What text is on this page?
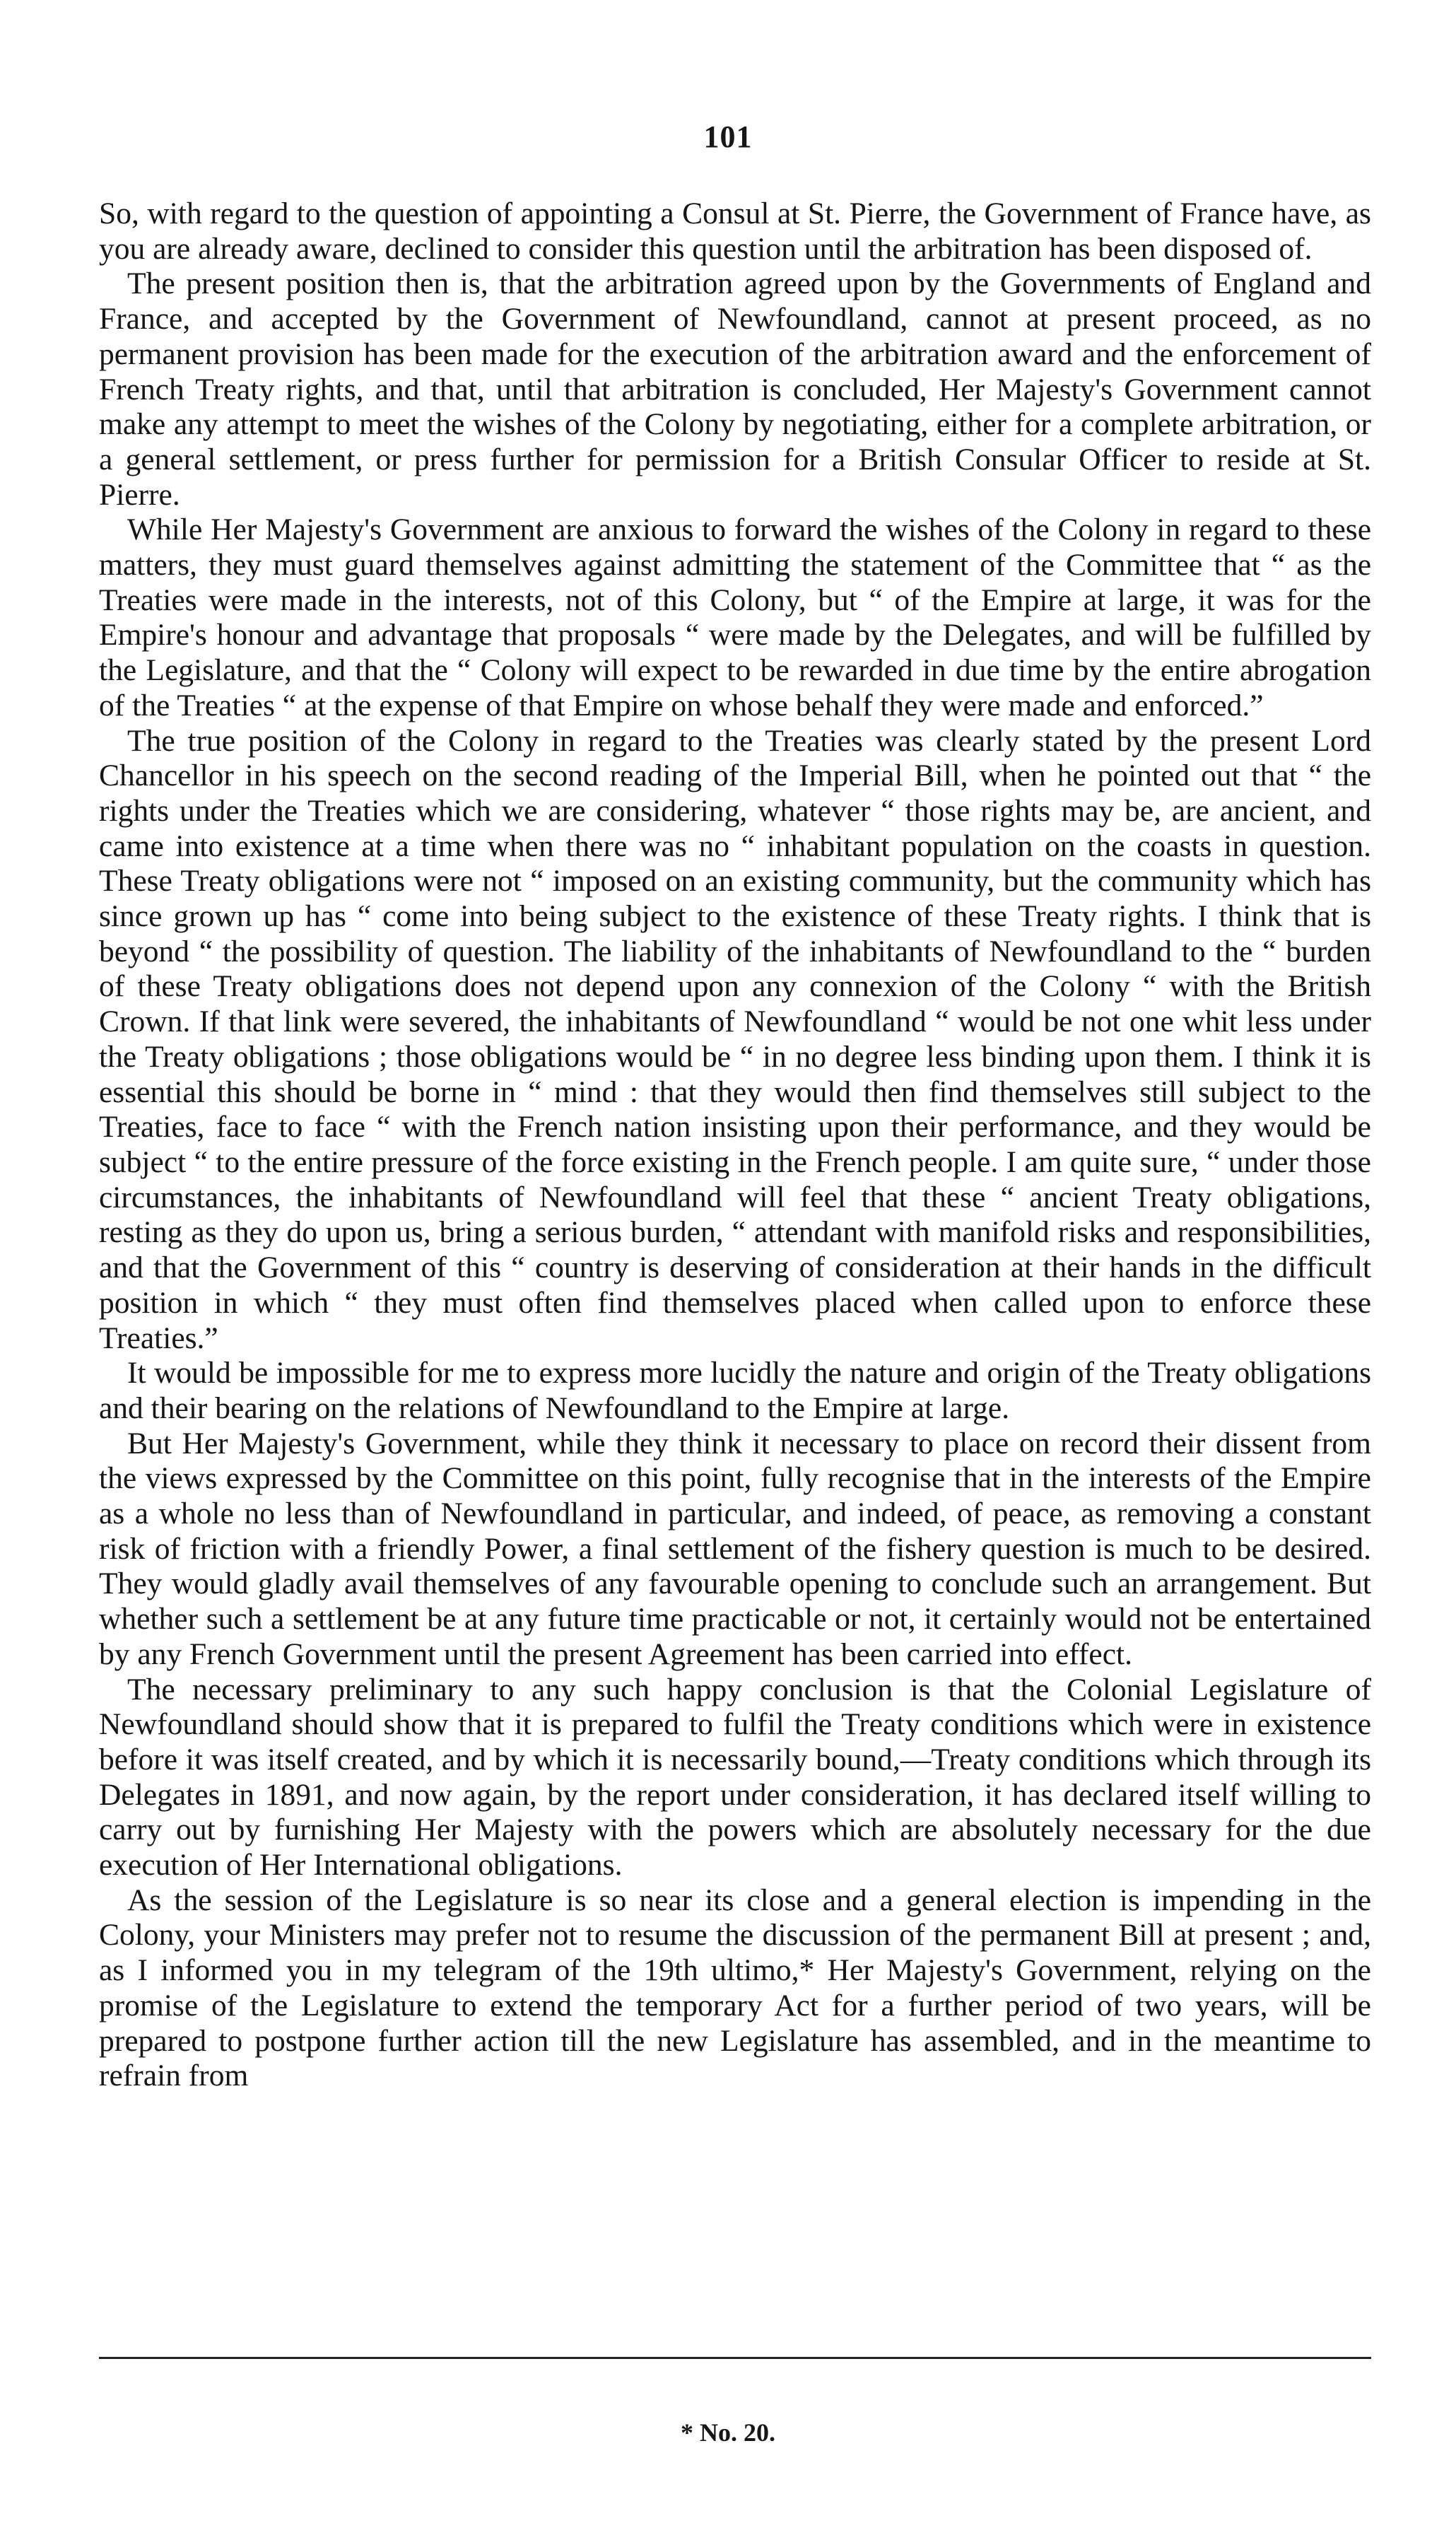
101

So, with regard to the question of appointing a Consul at St. Pierre, the Government of France have, as you are already aware, declined to consider this question until the arbitration has been disposed of.

The present position then is, that the arbitration agreed upon by the Governments of England and France, and accepted by the Government of Newfoundland, cannot at present proceed, as no permanent provision has been made for the execution of the arbitration award and the enforcement of French Treaty rights, and that, until that arbitration is concluded, Her Majesty's Government cannot make any attempt to meet the wishes of the Colony by negotiating, either for a complete arbitration, or a general settlement, or press further for permission for a British Consular Officer to reside at St. Pierre.

While Her Majesty's Government are anxious to forward the wishes of the Colony in regard to these matters, they must guard themselves against admitting the statement of the Committee that “ as the Treaties were made in the interests, not of this Colony, but “ of the Empire at large, it was for the Empire's honour and advantage that proposals “ were made by the Delegates, and will be fulfilled by the Legislature, and that the “ Colony will expect to be rewarded in due time by the entire abrogation of the Treaties “ at the expense of that Empire on whose behalf they were made and enforced.”

The true position of the Colony in regard to the Treaties was clearly stated by the present Lord Chancellor in his speech on the second reading of the Imperial Bill, when he pointed out that “ the rights under the Treaties which we are considering, whatever “ those rights may be, are ancient, and came into existence at a time when there was no “ inhabitant population on the coasts in question. These Treaty obligations were not “ imposed on an existing community, but the community which has since grown up has “ come into being subject to the existence of these Treaty rights. I think that is beyond “ the possibility of question. The liability of the inhabitants of Newfoundland to the “ burden of these Treaty obligations does not depend upon any connexion of the Colony “ with the British Crown. If that link were severed, the inhabitants of Newfoundland “ would be not one whit less under the Treaty obligations ; those obligations would be “ in no degree less binding upon them. I think it is essential this should be borne in “ mind : that they would then find themselves still subject to the Treaties, face to face “ with the French nation insisting upon their performance, and they would be subject “ to the entire pressure of the force existing in the French people. I am quite sure, “ under those circumstances, the inhabitants of Newfoundland will feel that these “ ancient Treaty obligations, resting as they do upon us, bring a serious burden, “ attendant with manifold risks and responsibilities, and that the Government of this “ country is deserving of consideration at their hands in the difficult position in which “ they must often find themselves placed when called upon to enforce these Treaties.”

It would be impossible for me to express more lucidly the nature and origin of the Treaty obligations and their bearing on the relations of Newfoundland to the Empire at large.

But Her Majesty's Government, while they think it necessary to place on record their dissent from the views expressed by the Committee on this point, fully recognise that in the interests of the Empire as a whole no less than of Newfoundland in particular, and indeed, of peace, as removing a constant risk of friction with a friendly Power, a final settlement of the fishery question is much to be desired. They would gladly avail themselves of any favourable opening to conclude such an arrangement. But whether such a settlement be at any future time practicable or not, it certainly would not be entertained by any French Government until the present Agreement has been carried into effect.

The necessary preliminary to any such happy conclusion is that the Colonial Legislature of Newfoundland should show that it is prepared to fulfil the Treaty conditions which were in existence before it was itself created, and by which it is necessarily bound,—Treaty conditions which through its Delegates in 1891, and now again, by the report under consideration, it has declared itself willing to carry out by furnishing Her Majesty with the powers which are absolutely necessary for the due execution of Her International obligations.

As the session of the Legislature is so near its close and a general election is impending in the Colony, your Ministers may prefer not to resume the discussion of the permanent Bill at present ; and, as I informed you in my telegram of the 19th ultimo,* Her Majesty's Government, relying on the promise of the Legislature to extend the temporary Act for a further period of two years, will be prepared to postpone further action till the new Legislature has assembled, and in the meantime to refrain from

* No. 20.
